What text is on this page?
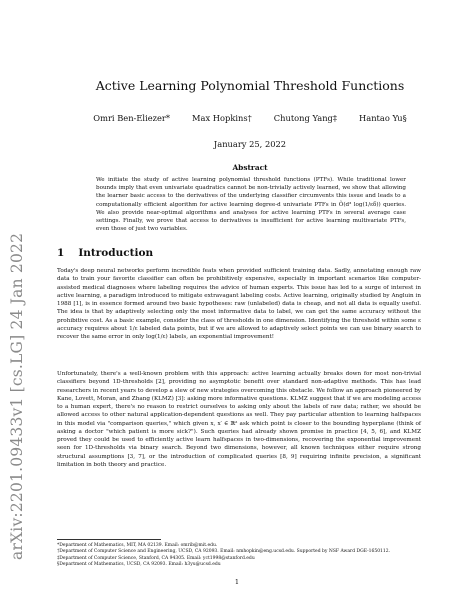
arXiv:2201.09433v1 [cs.LG] 24 Jan 2022
Active Learning Polynomial Threshold Functions
Omri Ben-Eliezer*	Max Hopkins†	Chutong Yang‡	Hantao Yu§
January 25, 2022
Abstract
We initiate the study of active learning polynomial threshold functions (PTFs). While traditional lower bounds imply that even univariate quadratics cannot be non-trivially actively learned, we show that allowing the learner basic access to the derivatives of the underlying classifier circumvents this issue and leads to a computationally efficient algorithm for active learning degree-d univariate PTFs in Õ(d³ log(1/εδ)) queries. We also provide near-optimal algorithms and analyses for active learning PTFs in several average case settings. Finally, we prove that access to derivatives is insufficient for active learning multivariate PTFs, even those of just two variables.
1 Introduction
Today's deep neural networks perform incredible feats when provided sufficient training data. Sadly, annotating enough raw data to train your favorite classifier can often be prohibitively expensive, especially in important scenarios like computer-assisted medical diagnoses where labeling requires the advice of human experts. This issue has led to a surge of interest in active learning, a paradigm introduced to mitigate extravagant labeling costs. Active learning, originally studied by Angluin in 1988 [1], is in essence formed around two basic hypotheses: raw (unlabeled) data is cheap, and not all data is equally useful. The idea is that by adaptively selecting only the most informative data to label, we can get the same accuracy without the prohibitive cost. As a basic example, consider the class of thresholds in one dimension. Identifying the threshold within some ε accuracy requires about 1/ε labeled data points, but if we are allowed to adaptively select points we can use binary search to recover the same error in only log(1/ε) labels, an exponential improvement!
Unfortunately, there's a well-known problem with this approach: active learning actually breaks down for most non-trivial classifiers beyond 1D-thresholds [2], providing no asymptotic benefit over standard non-adaptive methods. This has lead researchers in recent years to develop a slew of new strategies overcoming this obstacle. We follow an approach pioneered by Kane, Lovett, Moran, and Zhang (KLMZ) [3]: asking more informative questions. KLMZ suggest that if we are modeling access to a human expert, there's no reason to restrict ourselves to asking only about the labels of raw data; rather, we should be allowed access to other natural application-dependent questions as well. They pay particular attention to learning halfspaces in this model via "comparison queries," which given x, x′ ∈ ℝᵈ ask which point is closer to the bounding hyperplane (think of asking a doctor "which patient is more sick?"). Such queries had already shown promise in practice [4, 5, 6], and KLMZ proved they could be used to efficiently active learn halfspaces in two-dimensions, recovering the exponential improvement seen for 1D-thresholds via binary search. Beyond two dimensions, however, all known techniques either require strong structural assumptions [3, 7], or the introduction of complicated queries [8, 9] requiring infinite precision, a significant limitation in both theory and practice.
*Department of Mathematics, MIT, MA 02139. Email: omrib@mit.edu.
†Department of Computer Science and Engineering, UCSD, CA 92093. Email: nmhopkin@eng.ucsd.edu. Supported by NSF Award DGE-1650112.
‡Department of Computer Science, Stanford, CA 94305. Email: yct1998@stanford.edu
§Department of Mathematics, UCSD, CA 92093. Email: h3yu@ucsd.edu
1
